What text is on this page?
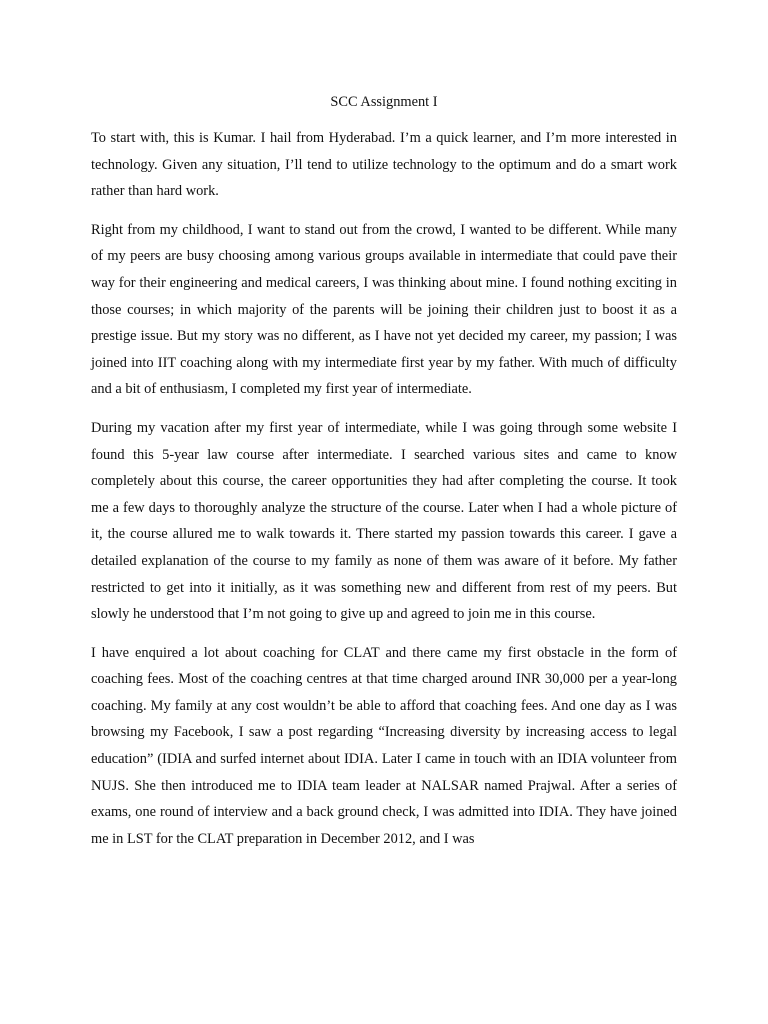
SCC Assignment I

To start with, this is Kumar. I hail from Hyderabad. I’m a quick learner, and I’m more interested in technology. Given any situation, I’ll tend to utilize technology to the optimum and do a smart work rather than hard work.

Right from my childhood, I want to stand out from the crowd, I wanted to be different. While many of my peers are busy choosing among various groups available in intermediate that could pave their way for their engineering and medical careers, I was thinking about mine. I found nothing exciting in those courses; in which majority of the parents will be joining their children just to boost it as a prestige issue. But my story was no different, as I have not yet decided my career, my passion; I was joined into IIT coaching along with my intermediate first year by my father. With much of difficulty and a bit of enthusiasm, I completed my first year of intermediate.

During my vacation after my first year of intermediate, while I was going through some website I found this 5-year law course after intermediate. I searched various sites and came to know completely about this course, the career opportunities they had after completing the course. It took me a few days to thoroughly analyze the structure of the course. Later when I had a whole picture of it, the course allured me to walk towards it. There started my passion towards this career. I gave a detailed explanation of the course to my family as none of them was aware of it before. My father restricted to get into it initially, as it was something new and different from rest of my peers. But slowly he understood that I’m not going to give up and agreed to join me in this course.

I have enquired a lot about coaching for CLAT and there came my first obstacle in the form of coaching fees. Most of the coaching centres at that time charged around INR 30,000 per a year-long coaching. My family at any cost wouldn’t be able to afford that coaching fees. And one day as I was browsing my Facebook, I saw a post regarding “Increasing diversity by increasing access to legal education” (IDIA and surfed internet about IDIA. Later I came in touch with an IDIA volunteer from NUJS. She then introduced me to IDIA team leader at NALSAR named Prajwal. After a series of exams, one round of interview and a back ground check, I was admitted into IDIA. They have joined me in LST for the CLAT preparation in December 2012, and I was
